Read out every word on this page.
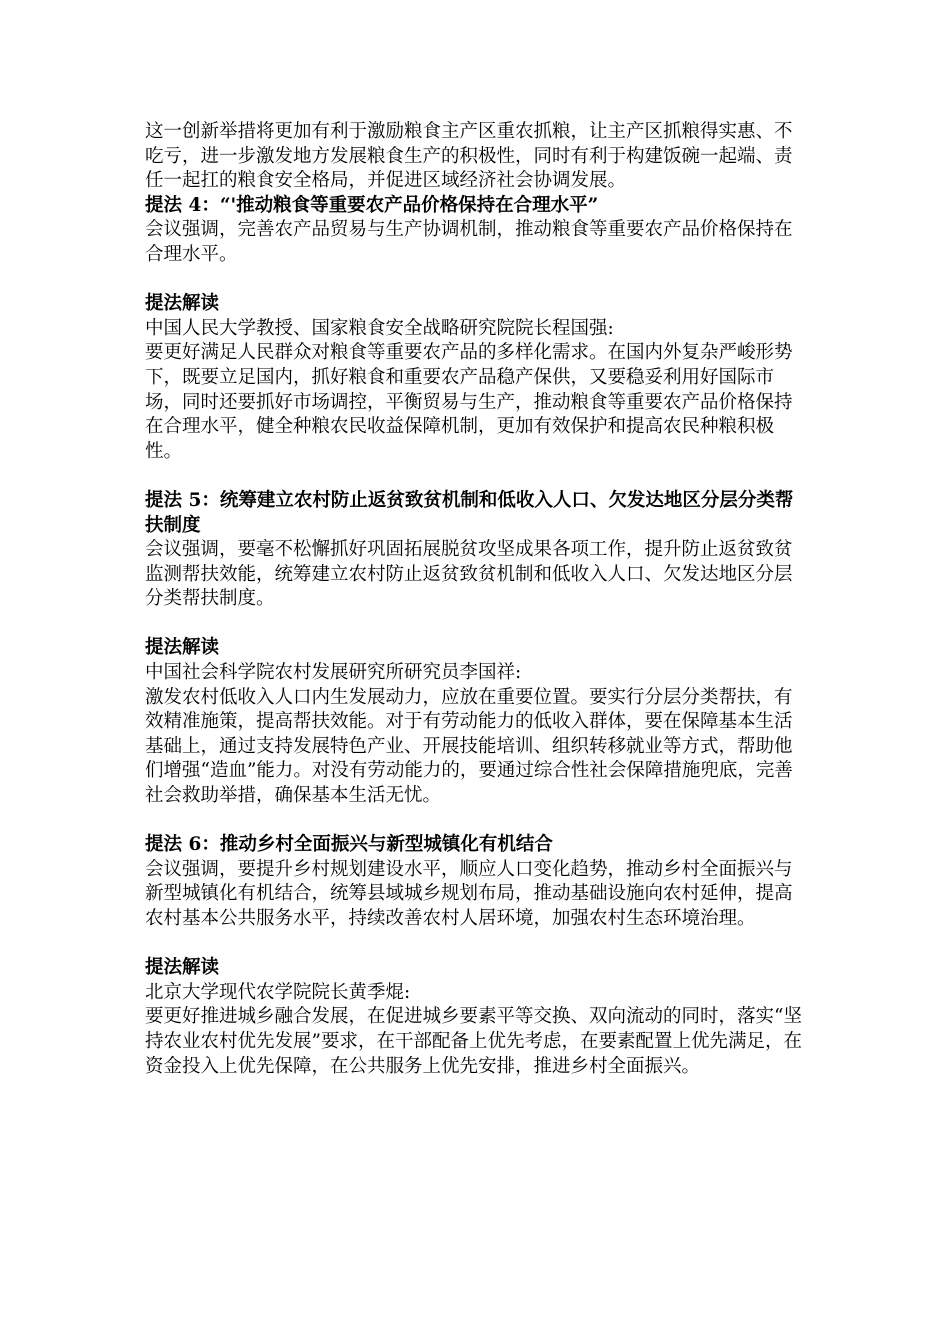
这一创新举措将更加有利于激励粮食主产区重农抓粮，让主产区抓粮得实惠、不吃亏，进一步激发地方发展粮食生产的积极性，同时有利于构建饭碗一起端、责任一起扛的粮食安全格局，并促进区域经济社会协调发展。

提法 4：“'推动粮食等重要农产品价格保持在合理水平”

会议强调，完善农产品贸易与生产协调机制，推动粮食等重要农产品价格保持在合理水平。

提法解读

中国人民大学教授、国家粮食安全战略研究院院长程国强:

要更好满足人民群众对粮食等重要农产品的多样化需求。在国内外复杂严峻形势下，既要立足国内，抓好粮食和重要农产品稳产保供，又要稳妥利用好国际市场，同时还要抓好市场调控，平衡贸易与生产，推动粮食等重要农产品价格保持在合理水平，健全种粮农民收益保障机制，更加有效保护和提高农民种粮积极性。

提法 5：统筹建立农村防止返贫致贫机制和低收入人口、欠发达地区分层分类帮扶制度

会议强调，要毫不松懈抓好巩固拓展脱贫攻坚成果各项工作，提升防止返贫致贫监测帮扶效能，统筹建立农村防止返贫致贫机制和低收入人口、欠发达地区分层分类帮扶制度。

提法解读

中国社会科学院农村发展研究所研究员李国祥:

激发农村低收入人口内生发展动力，应放在重要位置。要实行分层分类帮扶，有效精准施策，提高帮扶效能。对于有劳动能力的低收入群体，要在保障基本生活基础上，通过支持发展特色产业、开展技能培训、组织转移就业等方式，帮助他们增强“造血”能力。对没有劳动能力的，要通过综合性社会保障措施兜底，完善社会救助举措，确保基本生活无忧。

提法 6：推动乡村全面振兴与新型城镇化有机结合

会议强调，要提升乡村规划建设水平，顺应人口变化趋势，推动乡村全面振兴与新型城镇化有机结合，统筹县域城乡规划布局，推动基础设施向农村延伸，提高农村基本公共服务水平，持续改善农村人居环境，加强农村生态环境治理。

提法解读

北京大学现代农学院院长黄季焜:

要更好推进城乡融合发展，在促进城乡要素平等交换、双向流动的同时，落实“坚持农业农村优先发展”要求，在干部配备上优先考虑，在要素配置上优先满足，在资金投入上优先保障，在公共服务上优先安排，推进乡村全面振兴。
